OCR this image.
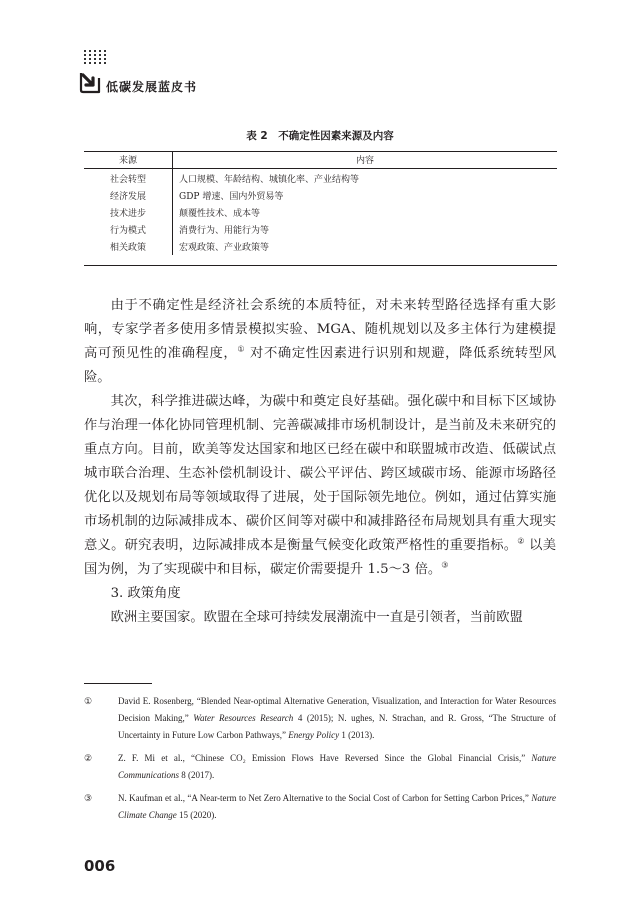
低碳发展蓝皮书
表 2　不确定性因素来源及内容
来源	内容
社会转型	人口规模、年龄结构、城镇化率、产业结构等
经济发展	GDP 增速、国内外贸易等
技术进步	颠覆性技术、成本等
行为模式	消费行为、用能行为等
相关政策	宏观政策、产业政策等

由于不确定性是经济社会系统的本质特征，对未来转型路径选择有重大影响，专家学者多使用多情景模拟实验、MGA、随机规划以及多主体行为建模提高可预见性的准确程度，① 对不确定性因素进行识别和规避，降低系统转型风险。

其次，科学推进碳达峰，为碳中和奠定良好基础。强化碳中和目标下区域协作与治理一体化协同管理机制、完善碳减排市场机制设计，是当前及未来研究的重点方向。目前，欧美等发达国家和地区已经在碳中和联盟城市改造、低碳试点城市联合治理、生态补偿机制设计、碳公平评估、跨区域碳市场、能源市场路径优化以及规划布局等领域取得了进展，处于国际领先地位。例如，通过估算实施市场机制的边际减排成本、碳价区间等对碳中和减排路径布局规划具有重大现实意义。研究表明，边际减排成本是衡量气候变化政策严格性的重要指标。② 以美国为例，为了实现碳中和目标，碳定价需要提升 1.5～3 倍。③

3. 政策角度

欧洲主要国家。欧盟在全球可持续发展潮流中一直是引领者，当前欧盟

①	David E. Rosenberg, “Blended Near-optimal Alternative Generation, Visualization, and Interaction for Water Resources Decision Making,” Water Resources Research 4 (2015); N. ughes, N. Strachan, and R. Gross, “The Structure of Uncertainty in Future Low Carbon Pathways,” Energy Policy 1 (2013).
②	Z. F. Mi et al., “Chinese CO₂ Emission Flows Have Reversed Since the Global Financial Crisis,” Nature Communications 8 (2017).
③	N. Kaufman et al., “A Near-term to Net Zero Alternative to the Social Cost of Carbon for Setting Carbon Prices,” Nature Climate Change 15 (2020).
006
